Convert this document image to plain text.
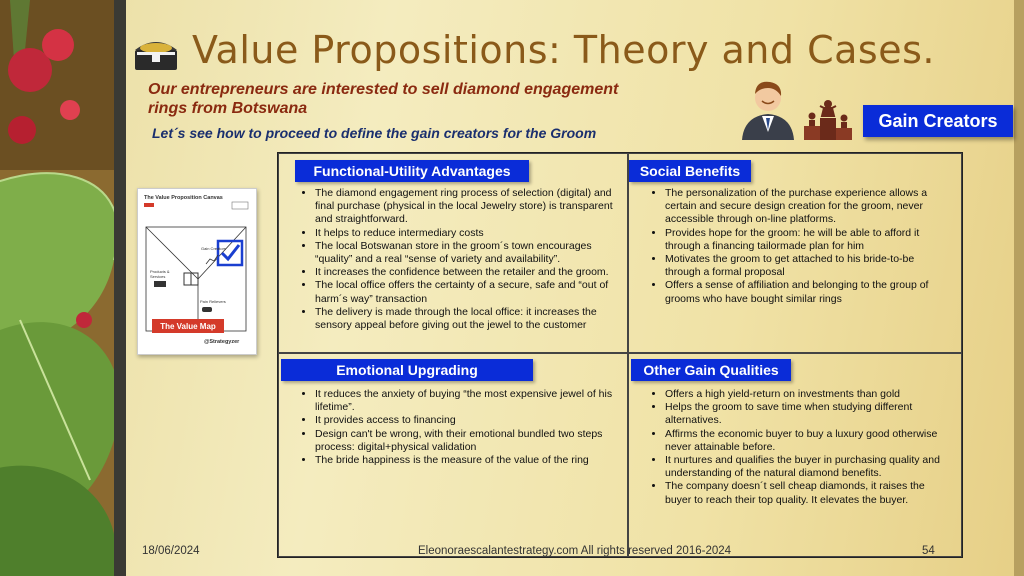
Value Propositions: Theory and Cases.
Our entrepreneurs are interested to sell diamond engagement
rings from Botswana
Let´s see how to proceed to define the gain creators for the Groom
Gain Creators
The Value Proposition Canvas
Gain Creators
Products & Services
Pain Relievers
The Value Map
@Strategyzer
Functional-Utility Advantages
• The diamond engagement ring process of selection (digital) and final purchase (physical in the local Jewelry store) is transparent and straightforward.
• It helps to reduce intermediary costs
• The local Botswanan store in the groom´s town encourages “quality” and a real “sense of variety and availability”.
• It increases the confidence between the retailer and the groom.
• The local office offers the certainty of a secure, safe and “out of harm´s way” transaction
• The delivery is made through the local office: it increases the sensory appeal before giving out the jewel to the customer
Social Benefits
• The personalization of the purchase experience allows a certain and secure design creation for the groom, never accessible through on-line platforms.
• Provides hope for the groom: he will be able to afford it through a financing tailormade plan for him
• Motivates the groom to get attached to his bride-to-be through a formal proposal
• Offers a sense of affiliation and belonging to the group of grooms who have bought similar rings
Emotional Upgrading
• It reduces the anxiety of buying “the most expensive jewel of his lifetime”.
• It provides access to financing
• Design can't be wrong, with their emotional bundled two steps process: digital+physical validation
• The bride happiness is the measure of the value of the ring
Other Gain Qualities
• Offers a high yield-return on investments than gold
• Helps the groom to save time when studying different alternatives.
• Affirms the economic buyer to buy a luxury good otherwise never attainable before.
• It nurtures and qualifies the buyer in purchasing quality and understanding of the natural diamond benefits.
• The company doesn´t sell cheap diamonds, it raises the buyer to reach their top quality. It elevates the buyer.
18/06/2024	Eleonoraescalantestrategy.com All rights reserved 2016-2024	54
